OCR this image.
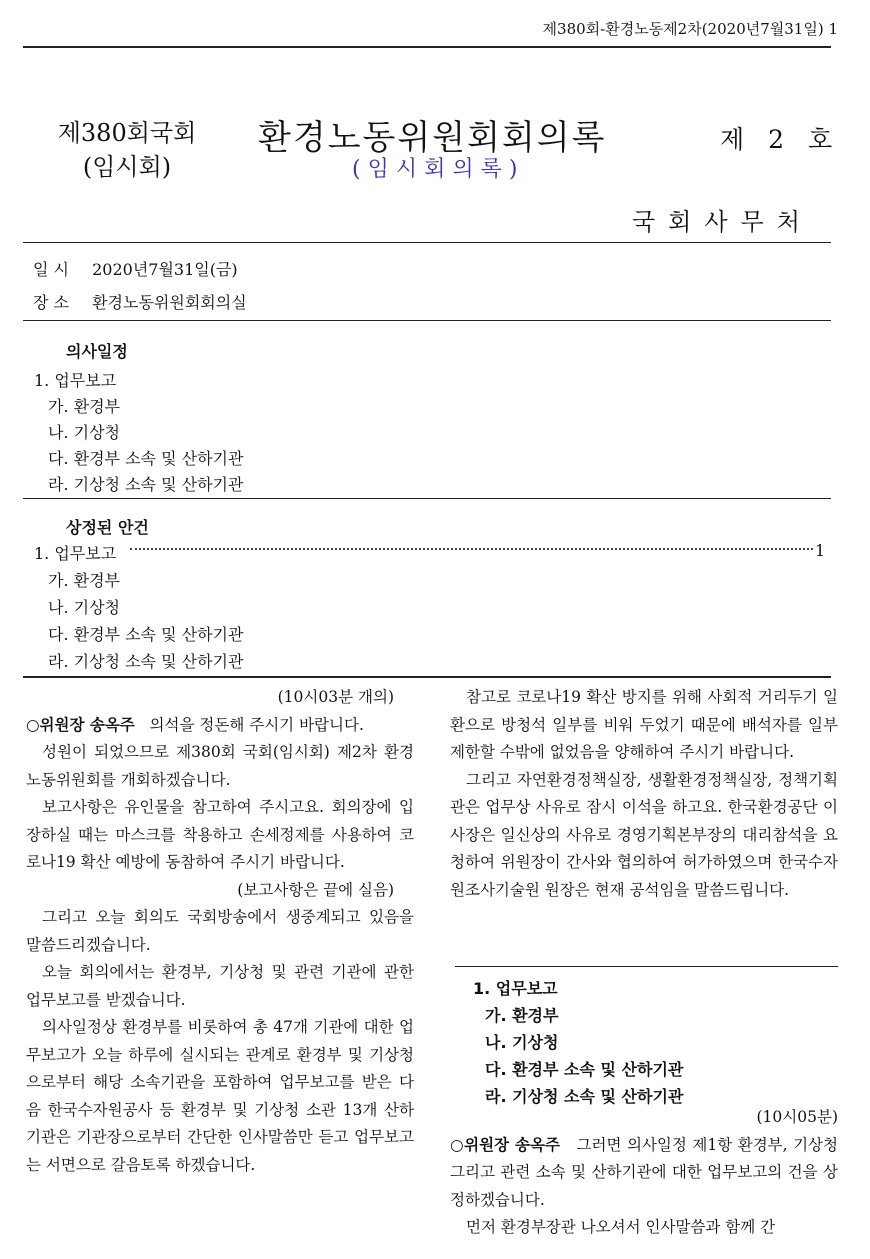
제380회-환경노동제2차(2020년7월31일) 1
제380회국회
(임시회)
환경노동위원회회의록
(임시회의록)
제 2 호
국회사무처
일 시 2020년7월31일(금)
장 소 환경노동위원회회의실
의사일정
1. 업무보고
가. 환경부
나. 기상청
다. 환경부 소속 및 산하기관
라. 기상청 소속 및 산하기관
상정된 안건
1. 업무보고	1
가. 환경부
나. 기상청
다. 환경부 소속 및 산하기관
라. 기상청 소속 및 산하기관

(10시03분 개의)

○위원장 송옥주 의석을 정돈해 주시기 바랍니다.

성원이 되었으므로 제380회 국회(임시회) 제2차 환경노동위원회를 개회하겠습니다.

보고사항은 유인물을 참고하여 주시고요. 회의장에 입장하실 때는 마스크를 착용하고 손세정제를 사용하여 코로나19 확산 예방에 동참하여 주시기 바랍니다.

(보고사항은 끝에 실음)

그리고 오늘 회의도 국회방송에서 생중계되고 있음을 말씀드리겠습니다.

오늘 회의에서는 환경부, 기상청 및 관련 기관에 관한 업무보고를 받겠습니다.

의사일정상 환경부를 비롯하여 총 47개 기관에 대한 업무보고가 오늘 하루에 실시되는 관계로 환경부 및 기상청으로부터 해당 소속기관을 포함하여 업무보고를 받은 다음 한국수자원공사 등 환경부 및 기상청 소관 13개 산하기관은 기관장으로부터 간단한 인사말씀만 듣고 업무보고는 서면으로 갈음토록 하겠습니다.

참고로 코로나19 확산 방지를 위해 사회적 거리두기 일환으로 방청석 일부를 비워 두었기 때문에 배석자를 일부 제한할 수밖에 없었음을 양해하여 주시기 바랍니다.

그리고 자연환경정책실장, 생활환경정책실장, 정책기획관은 업무상 사유로 잠시 이석을 하고요. 한국환경공단 이사장은 일신상의 사유로 경영기획본부장의 대리참석을 요청하여 위원장이 간사와 협의하여 허가하였으며 한국수자원조사기술원 원장은 현재 공석임을 말씀드립니다.

1. 업무보고
가. 환경부
나. 기상청
다. 환경부 소속 및 산하기관
라. 기상청 소속 및 산하기관

(10시05분)

○위원장 송옥주 그러면 의사일정 제1항 환경부, 기상청 그리고 관련 소속 및 산하기관에 대한 업무보고의 건을 상정하겠습니다.

먼저 환경부장관 나오셔서 인사말씀과 함께 간
